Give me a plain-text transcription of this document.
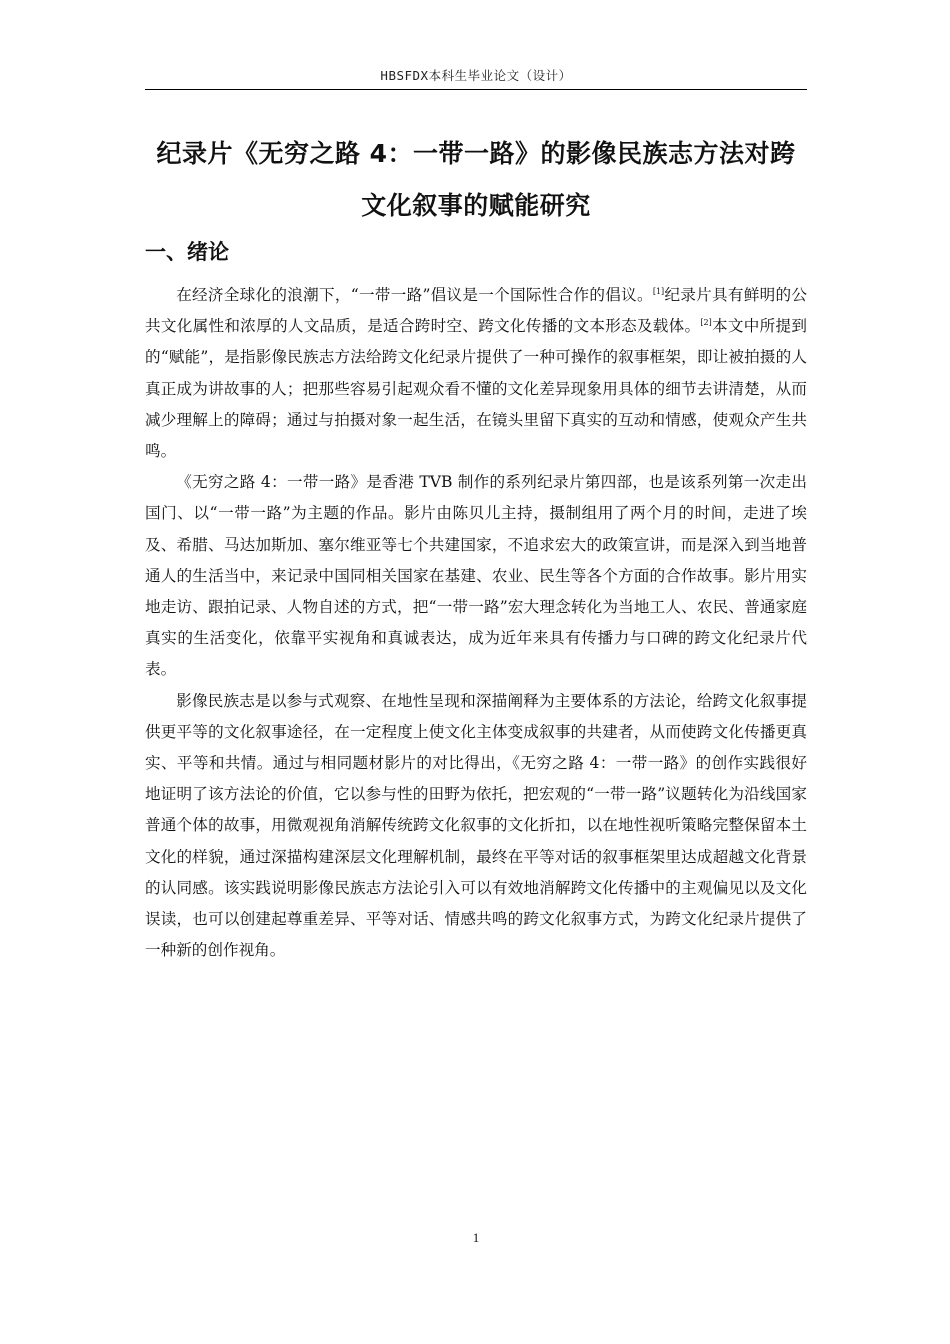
HBSFDX本科生毕业论文（设计）
纪录片《无穷之路 4：一带一路》的影像民族志方法对跨文化叙事的赋能研究
一、绪论

在经济全球化的浪潮下，“一带一路”倡议是一个国际性合作的倡议。[1]纪录片具有鲜明的公共文化属性和浓厚的人文品质，是适合跨时空、跨文化传播的文本形态及载体。[2]本文中所提到的“赋能”，是指影像民族志方法给跨文化纪录片提供了一种可操作的叙事框架，即让被拍摄的人真正成为讲故事的人；把那些容易引起观众看不懂的文化差异现象用具体的细节去讲清楚，从而减少理解上的障碍；通过与拍摄对象一起生活，在镜头里留下真实的互动和情感，使观众产生共鸣。

《无穷之路 4：一带一路》是香港 TVB 制作的系列纪录片第四部，也是该系列第一次走出国门、以“一带一路”为主题的作品。影片由陈贝儿主持，摄制组用了两个月的时间，走进了埃及、希腊、马达加斯加、塞尔维亚等七个共建国家，不追求宏大的政策宣讲，而是深入到当地普通人的生活当中，来记录中国同相关国家在基建、农业、民生等各个方面的合作故事。影片用实地走访、跟拍记录、人物自述的方式，把“一带一路”宏大理念转化为当地工人、农民、普通家庭真实的生活变化，依靠平实视角和真诚表达，成为近年来具有传播力与口碑的跨文化纪录片代表。

影像民族志是以参与式观察、在地性呈现和深描阐释为主要体系的方法论，给跨文化叙事提供更平等的文化叙事途径，在一定程度上使文化主体变成叙事的共建者，从而使跨文化传播更真实、平等和共情。通过与相同题材影片的对比得出，《无穷之路 4：一带一路》的创作实践很好地证明了该方法论的价值，它以参与性的田野为依托，把宏观的“一带一路”议题转化为沿线国家普通个体的故事，用微观视角消解传统跨文化叙事的文化折扣，以在地性视听策略完整保留本土文化的样貌，通过深描构建深层文化理解机制，最终在平等对话的叙事框架里达成超越文化背景的认同感。该实践说明影像民族志方法论引入可以有效地消解跨文化传播中的主观偏见以及文化误读，也可以创建起尊重差异、平等对话、情感共鸣的跨文化叙事方式，为跨文化纪录片提供了一种新的创作视角。

1
